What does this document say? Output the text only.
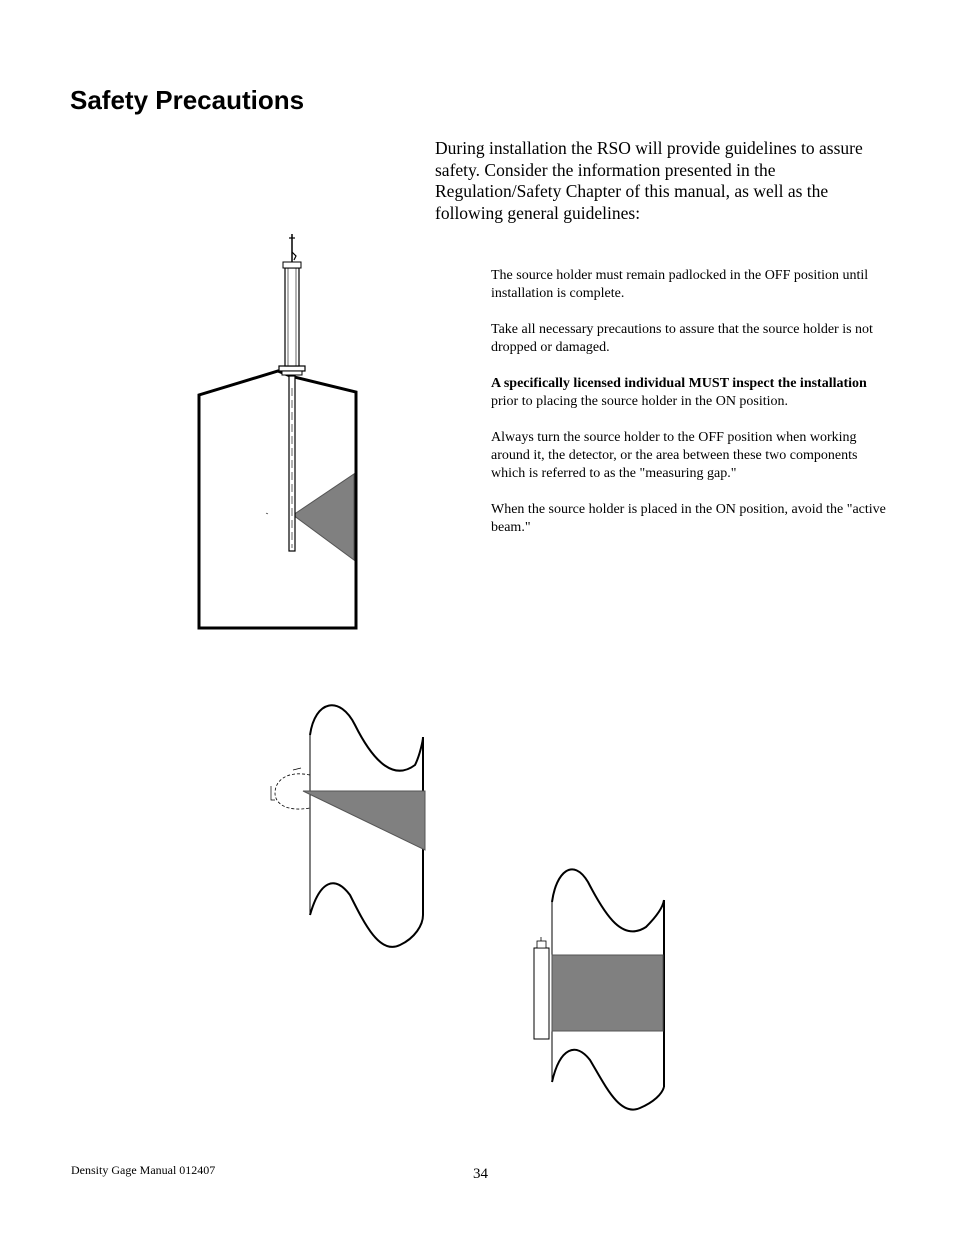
Safety Precautions

During installation the RSO will provide guidelines to assure safety. Consider the information presented in the Regulation/Safety Chapter of this manual, as well as the following general guidelines:

The source holder must remain padlocked in the OFF position until installation is complete.
Take all necessary precautions to assure that the source holder is not dropped or damaged.
A specifically licensed individual MUST inspect the installation prior to placing the source holder in the ON position.
Always turn the source holder to the OFF position when working around it, the detector, or the area between these two components which is referred to as the "measuring gap."
When the source holder is placed in the ON position, avoid the "active beam."
Density Gage Manual 012407	34
